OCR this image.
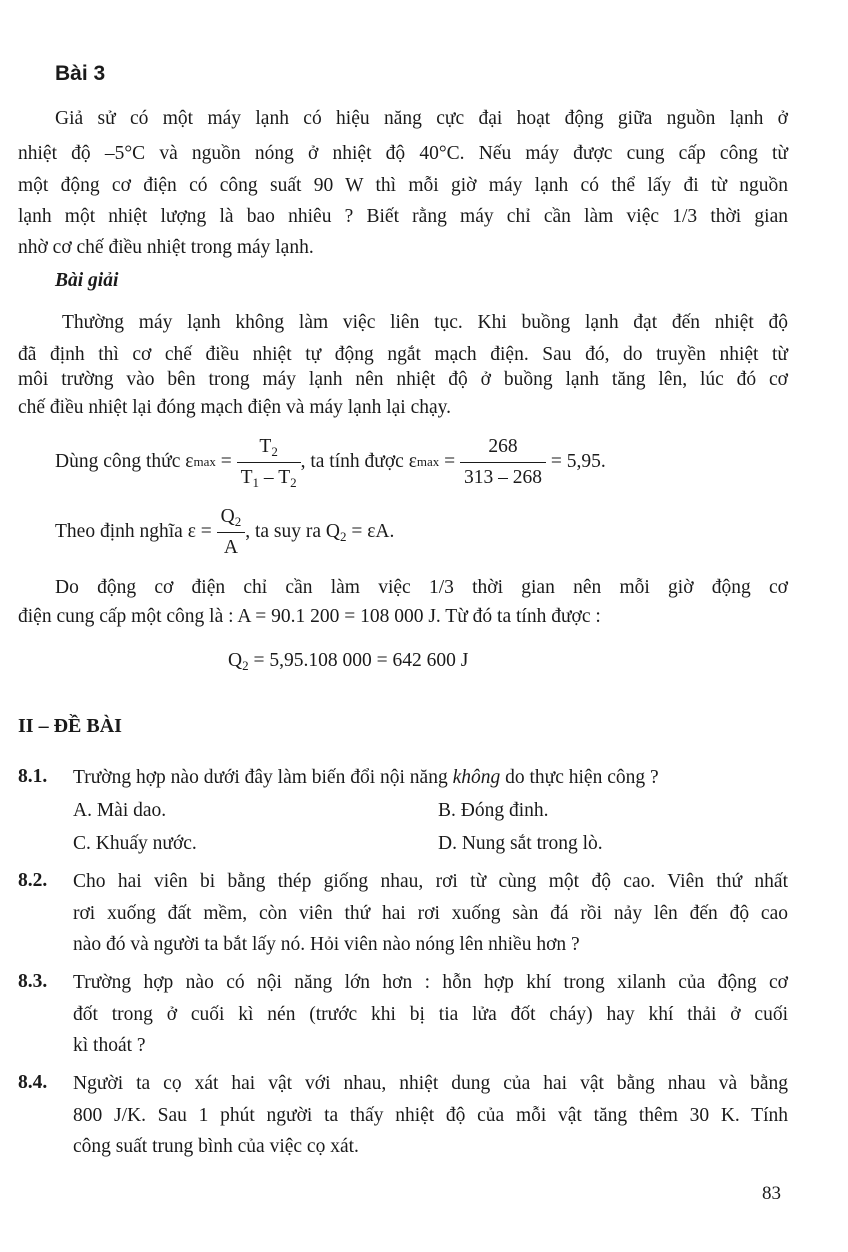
Bài 3
Giả sử có một máy lạnh có hiệu năng cực đại hoạt động giữa nguồn lạnh ở
nhiệt độ –5°C và nguồn nóng ở nhiệt độ 40°C. Nếu máy được cung cấp công từ
một động cơ điện có công suất 90 W thì mỗi giờ máy lạnh có thể lấy đi từ nguồn
lạnh một nhiệt lượng là bao nhiêu ? Biết rằng máy chỉ cần làm việc 1/3 thời gian
nhờ cơ chế điều nhiệt trong máy lạnh.
Bài giải
Thường máy lạnh không làm việc liên tục. Khi buồng lạnh đạt đến nhiệt độ
đã định thì cơ chế điều nhiệt tự động ngắt mạch điện. Sau đó, do truyền nhiệt từ
môi trường vào bên trong máy lạnh nên nhiệt độ ở buồng lạnh tăng lên, lúc đó cơ
chế điều nhiệt lại đóng mạch điện và máy lạnh lại chạy.
Dùng công thức
ε max
=
$\frac{T_2}{T_1 - T_2}$ , ta tính được
ε max
=
$\frac{268}{313 - 268}$
= 5,95.
Theo định nghĩa
ε =
$\frac{Q_2}{A}$ , ta suy ra $Q_2 = \varepsilon A$.
Do động cơ điện chỉ cần làm việc 1/3 thời gian nên mỗi giờ động cơ
điện cung cấp một công là : A = 90.1 200 = 108 000 J. Từ đó ta tính được :
$Q_2 = 5,95.108$ 000 = 642 600 J
II – ĐỀ BÀI
8.1. Trường hợp nào dưới đây làm biến đổi nội năng không do thực hiện công ?
A. Mài dao.	B. Đóng đinh.
C. Khuấy nước.	D. Nung sắt trong lò.
8.2. Cho hai viên bi bằng thép giống nhau, rơi từ cùng một độ cao. Viên thứ nhất
rơi xuống đất mềm, còn viên thứ hai rơi xuống sàn đá rồi nảy lên đến độ cao
nào đó và người ta bắt lấy nó. Hỏi viên nào nóng lên nhiều hơn ?
8.3. Trường hợp nào có nội năng lớn hơn : hỗn hợp khí trong xilanh của động cơ
đốt trong ở cuối kì nén (trước khi bị tia lửa đốt cháy) hay khí thải ở cuối
kì thoát ?
8.4. Người ta cọ xát hai vật với nhau, nhiệt dung của hai vật bằng nhau và bằng
800 J/K. Sau 1 phút người ta thấy nhiệt độ của mỗi vật tăng thêm 30 K. Tính
công suất trung bình của việc cọ xát.
83
